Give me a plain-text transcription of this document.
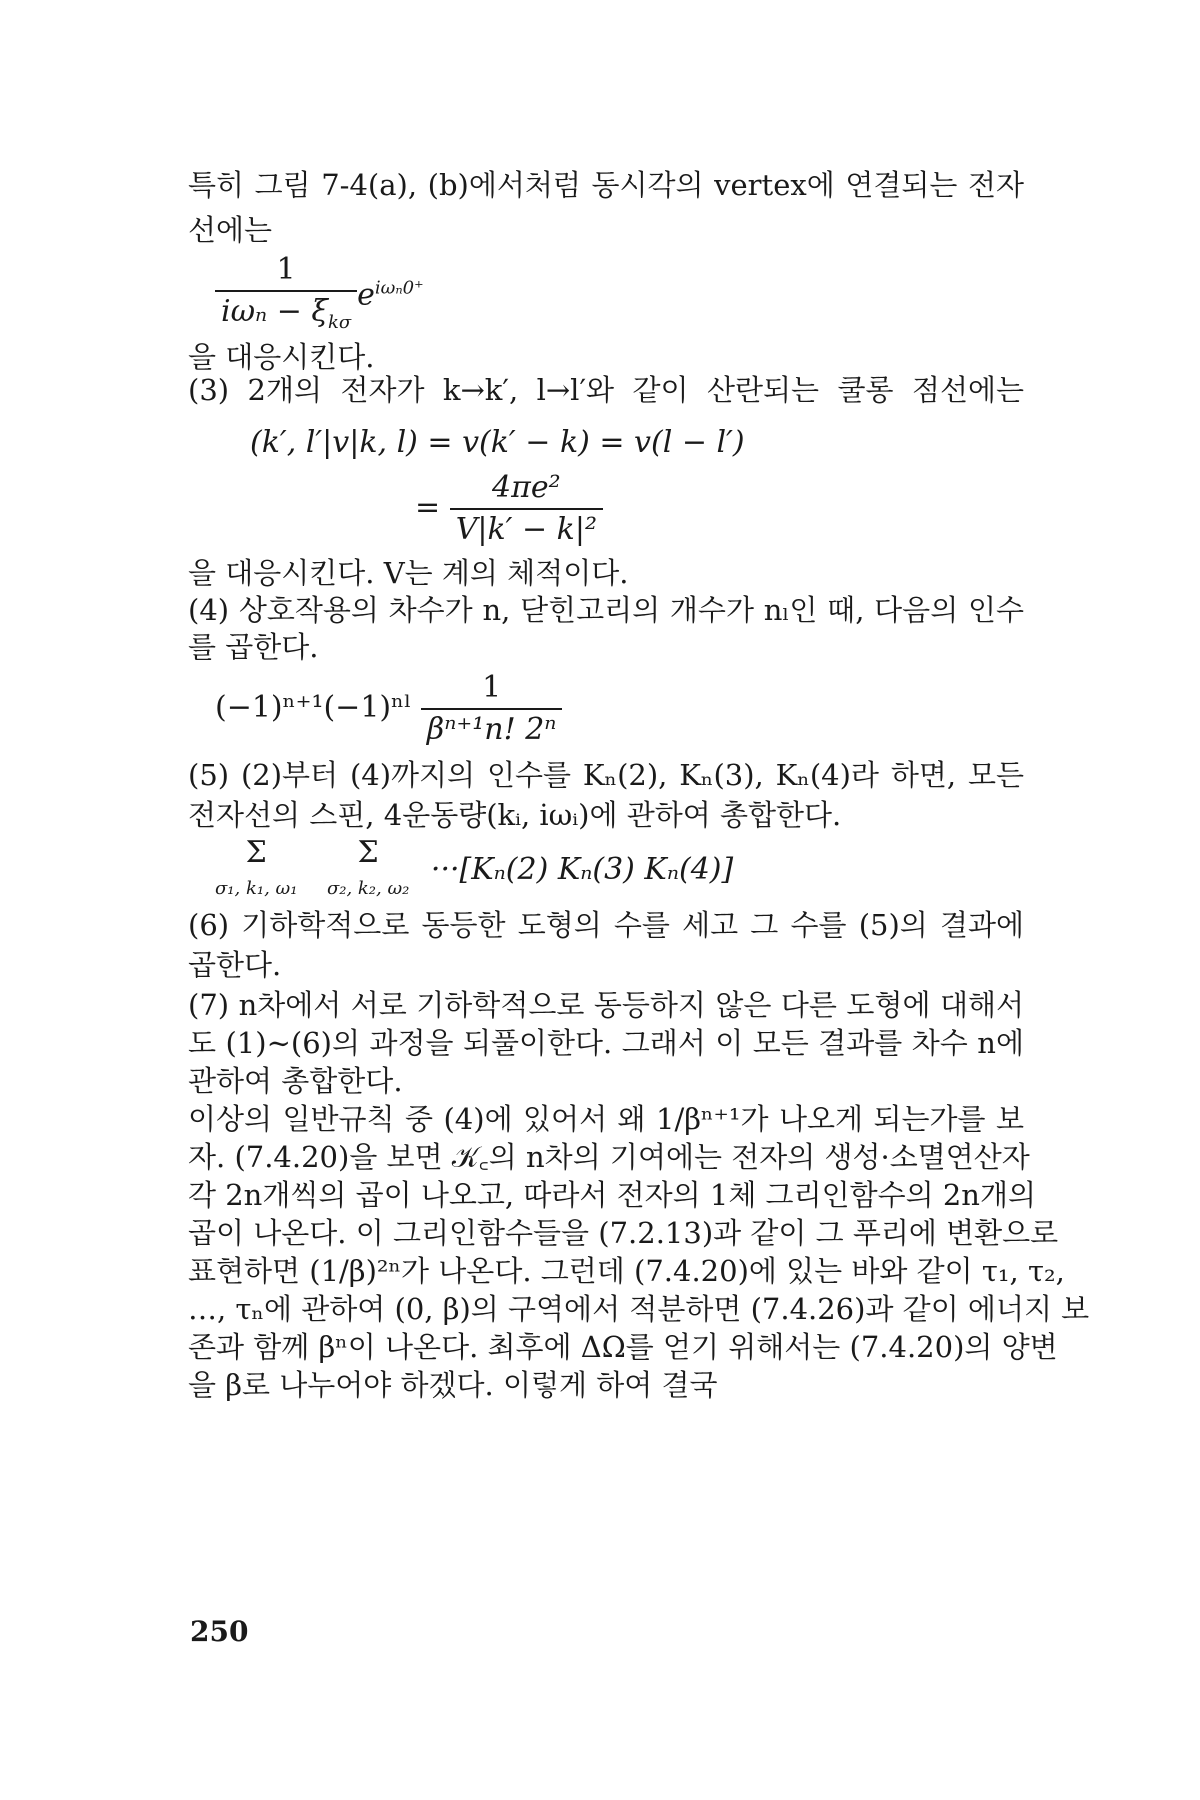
특히 그림 7-4(a), (b)에서처럼 동시각의 vertex에 연결되는 전자
선에는
$\frac{1}{i\omega_n - \xi_{k\sigma}} e^{i\omega_n0^+}$
을 대응시킨다.
(3) 2개의 전자가 k→k′, l→l′와 같이 산란되는 쿨롱 점선에는
(k′, l′|v|k, l) = v(k′ − k) = v(l − l′)
= $\frac{\text{4πe²}}{\text{V|k′ − k|²}}$
을 대응시킨다. V는 계의 체적이다.
(4) 상호작용의 차수가 n, 닫힌고리의 개수가 nₗ인 때, 다음의 인수
를 곱한다.
(−1)ⁿ⁺¹(−1)ⁿˡ $\frac{1}{\text{βⁿ⁺¹n! 2ⁿ}}$
(5) (2)부터 (4)까지의 인수를 Kₙ(2), Kₙ(3), Kₙ(4)라 하면, 모든
전자선의 스핀, 4운동량(kᵢ, iωᵢ)에 관하여 총합한다.
Σ
σ₁, k₁, ω₁

Σ
σ₂, k₂, ω₂
···[Kₙ(2) Kₙ(3) Kₙ(4)]
(6) 기하학적으로 동등한 도형의 수를 세고 그 수를 (5)의 결과에
곱한다.
(7) n차에서 서로 기하학적으로 동등하지 않은 다른 도형에 대해서
도 (1)∼(6)의 과정을 되풀이한다. 그래서 이 모든 결과를 차수 n에
관하여 총합한다.
이상의 일반규칙 중 (4)에 있어서 왜 1/βⁿ⁺¹가 나오게 되는가를 보
자. (7.4.20)을 보면 𝒦꜀의 n차의 기여에는 전자의 생성·소멸연산자
각 2n개씩의 곱이 나오고, 따라서 전자의 1체 그리인함수의 2n개의
곱이 나온다. 이 그리인함수들을 (7.2.13)과 같이 그 푸리에 변환으로
표현하면 (1/β)²ⁿ가 나온다. 그런데 (7.4.20)에 있는 바와 같이 τ₁, τ₂,
…, τₙ에 관하여 (0, β)의 구역에서 적분하면 (7.4.26)과 같이 에너지 보
존과 함께 βⁿ이 나온다. 최후에 ΔΩ를 얻기 위해서는 (7.4.20)의 양변
을 β로 나누어야 하겠다. 이렇게 하여 결국
250
